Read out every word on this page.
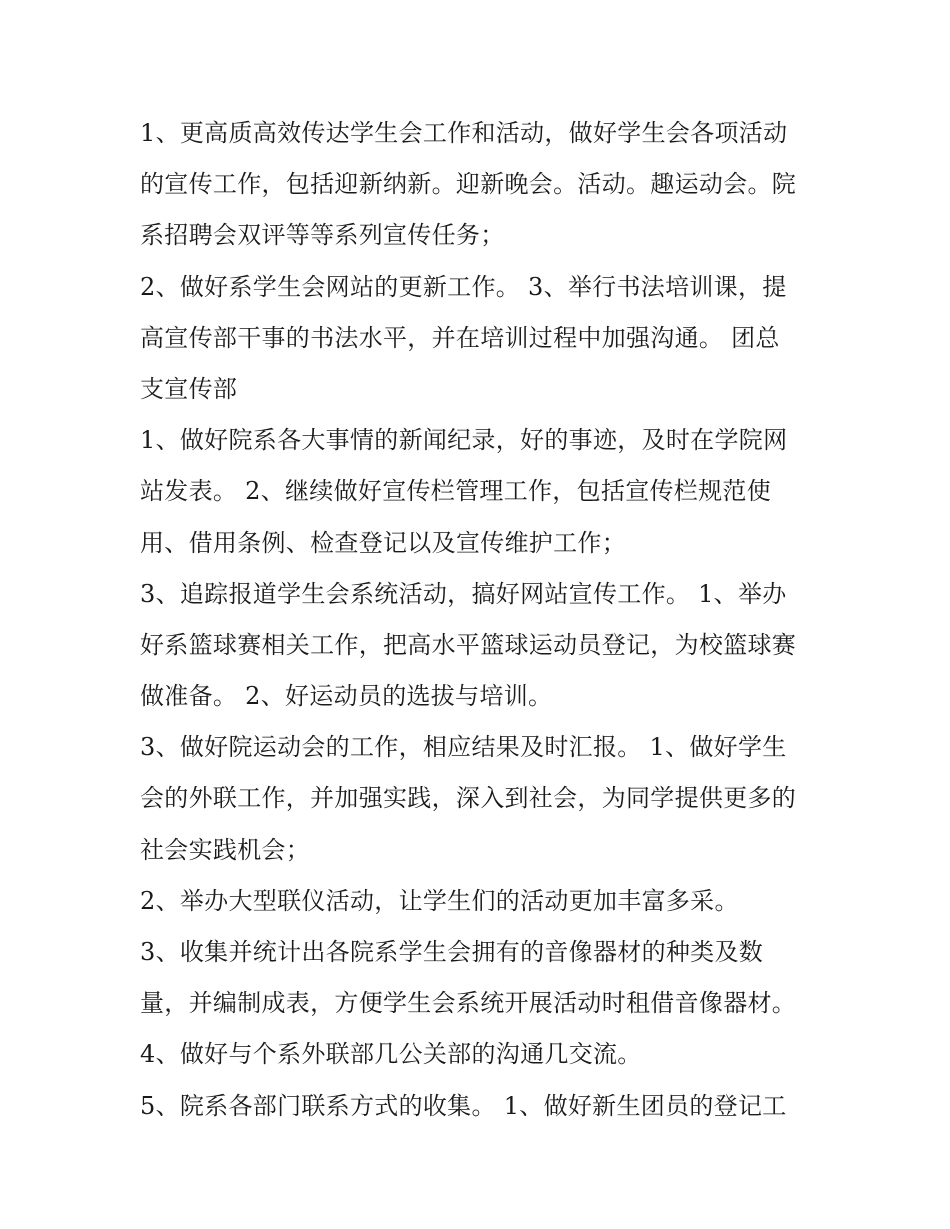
1、更高质高效传达学生会工作和活动，做好学生会各项活动
的宣传工作，包括迎新纳新。迎新晚会。活动。趣运动会。院
系招聘会双评等等系列宣传任务；
2、做好系学生会网站的更新工作。 3、举行书法培训课，提
高宣传部干事的书法水平，并在培训过程中加强沟通。 团总
支宣传部
1、做好院系各大事情的新闻纪录，好的事迹，及时在学院网
站发表。 2、继续做好宣传栏管理工作，包括宣传栏规范使
用、借用条例、检查登记以及宣传维护工作；
3、追踪报道学生会系统活动，搞好网站宣传工作。 1、举办
好系篮球赛相关工作，把高水平篮球运动员登记，为校篮球赛
做准备。 2、好运动员的选拔与培训。
3、做好院运动会的工作，相应结果及时汇报。 1、做好学生
会的外联工作，并加强实践，深入到社会，为同学提供更多的
社会实践机会；
2、举办大型联仪活动，让学生们的活动更加丰富多采。
3、收集并统计出各院系学生会拥有的音像器材的种类及数
量，并编制成表，方便学生会系统开展活动时租借音像器材。
4、做好与个系外联部几公关部的沟通几交流。
5、院系各部门联系方式的收集。 1、做好新生团员的登记工
